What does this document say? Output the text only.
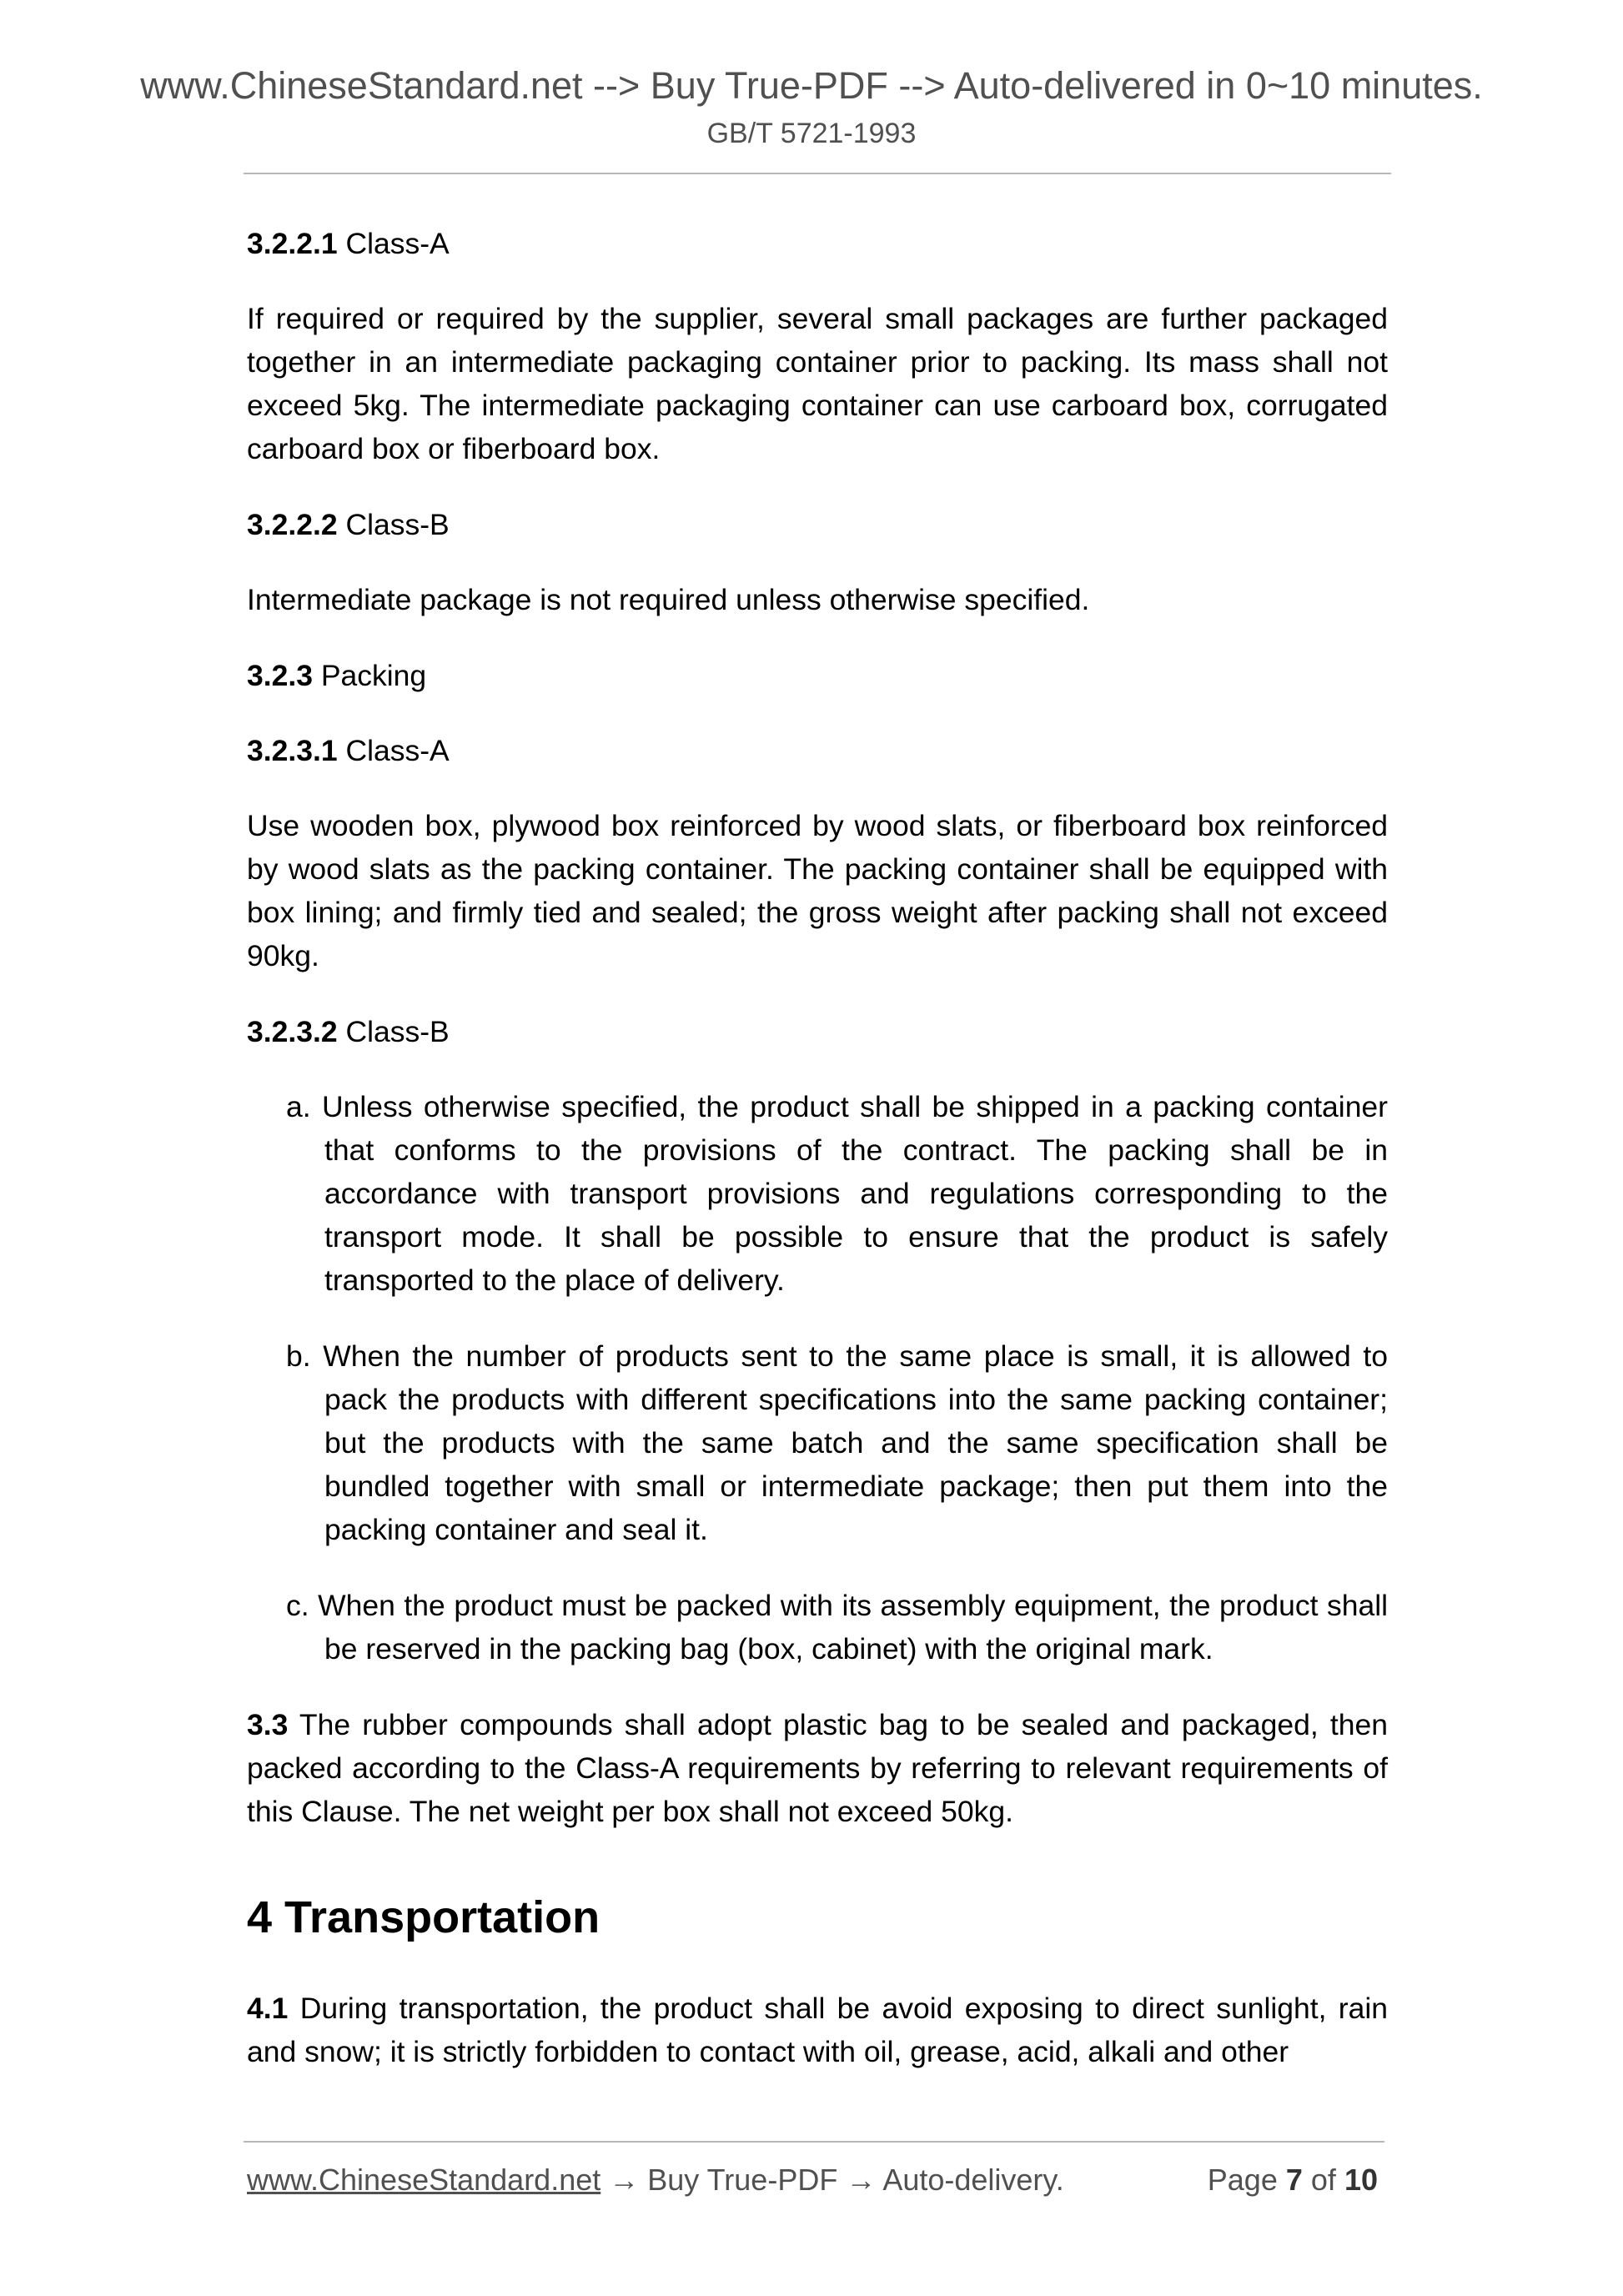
www.ChineseStandard.net --> Buy True-PDF --> Auto-delivered in 0~10 minutes.
GB/T 5721-1993

3.2.2.1 Class-A

If required or required by the supplier, several small packages are further packaged together in an intermediate packaging container prior to packing. Its mass shall not exceed 5kg. The intermediate packaging container can use carboard box, corrugated carboard box or fiberboard box.

3.2.2.2 Class-B

Intermediate package is not required unless otherwise specified.

3.2.3 Packing

3.2.3.1 Class-A

Use wooden box, plywood box reinforced by wood slats, or fiberboard box reinforced by wood slats as the packing container. The packing container shall be equipped with box lining; and firmly tied and sealed; the gross weight after packing shall not exceed 90kg.

3.2.3.2 Class-B

a. Unless otherwise specified, the product shall be shipped in a packing container that conforms to the provisions of the contract. The packing shall be in accordance with transport provisions and regulations corresponding to the transport mode. It shall be possible to ensure that the product is safely transported to the place of delivery.

b. When the number of products sent to the same place is small, it is allowed to pack the products with different specifications into the same packing container; but the products with the same batch and the same specification shall be bundled together with small or intermediate package; then put them into the packing container and seal it.

c. When the product must be packed with its assembly equipment, the product shall be reserved in the packing bag (box, cabinet) with the original mark.

3.3 The rubber compounds shall adopt plastic bag to be sealed and packaged, then packed according to the Class-A requirements by referring to relevant requirements of this Clause. The net weight per box shall not exceed 50kg.

4 Transportation

4.1 During transportation, the product shall be avoid exposing to direct sunlight, rain and snow; it is strictly forbidden to contact with oil, grease, acid, alkali and other

www.ChineseStandard.net → Buy True-PDF → Auto-delivery.	Page 7 of 10
